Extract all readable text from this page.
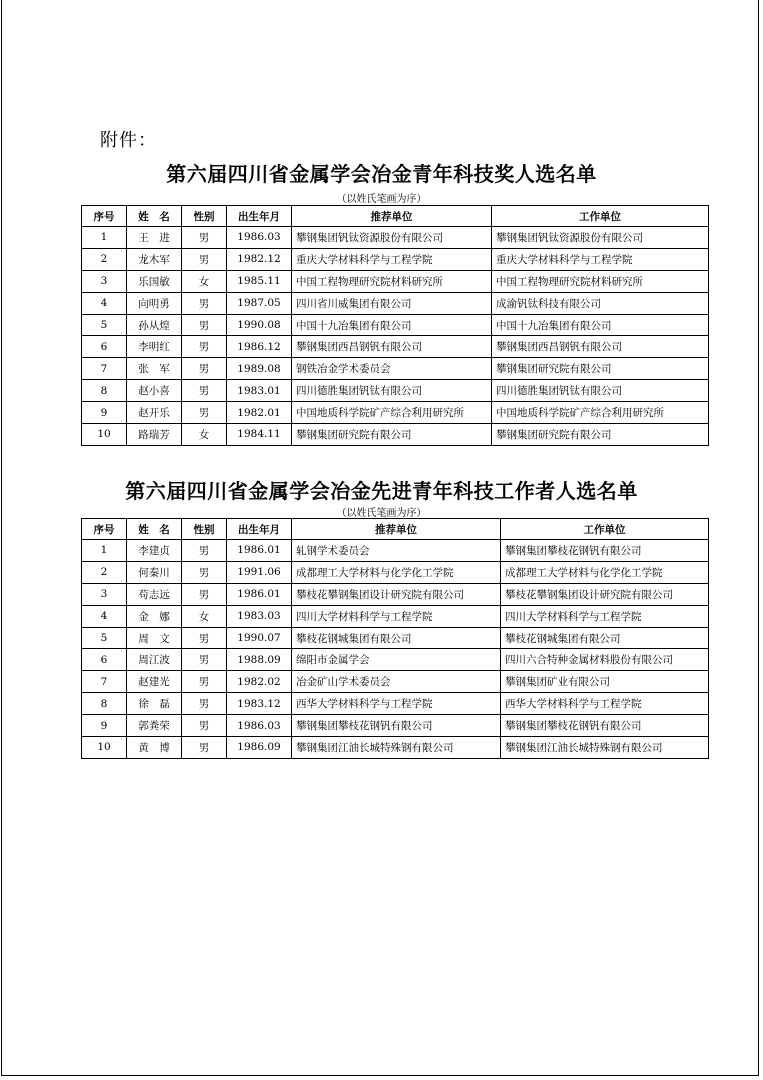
附件：
第六届四川省金属学会冶金青年科技奖人选名单
（以姓氏笔画为序）
序号	姓　名	性别	出生年月	推荐单位	工作单位
1	王　进	男	1986.03	攀钢集团钒钛资源股份有限公司	攀钢集团钒钛资源股份有限公司
2	龙木军	男	1982.12	重庆大学材料科学与工程学院	重庆大学材料科学与工程学院
3	乐国敏	女	1985.11	中国工程物理研究院材料研究所	中国工程物理研究院材料研究所
4	向明勇	男	1987.05	四川省川威集团有限公司	成渝钒钛科技有限公司
5	孙从煌	男	1990.08	中国十九冶集团有限公司	中国十九冶集团有限公司
6	李明红	男	1986.12	攀钢集团西昌钢钒有限公司	攀钢集团西昌钢钒有限公司
7	张　军	男	1989.08	钢铁冶金学术委员会	攀钢集团研究院有限公司
8	赵小喜	男	1983.01	四川德胜集团钒钛有限公司	四川德胜集团钒钛有限公司
9	赵开乐	男	1982.01	中国地质科学院矿产综合利用研究所	中国地质科学院矿产综合利用研究所
10	路瑞芳	女	1984.11	攀钢集团研究院有限公司	攀钢集团研究院有限公司
第六届四川省金属学会冶金先进青年科技工作者人选名单
（以姓氏笔画为序）
序号	姓　名	性别	出生年月	推荐单位	工作单位
1	李建贞	男	1986.01	轧钢学术委员会	攀钢集团攀枝花钢钒有限公司
2	何秦川	男	1991.06	成都理工大学材料与化学化工学院	成都理工大学材料与化学化工学院
3	苟志远	男	1986.01	攀枝花攀钢集团设计研究院有限公司	攀枝花攀钢集团设计研究院有限公司
4	金　娜	女	1983.03	四川大学材料科学与工程学院	四川大学材料科学与工程学院
5	周　文	男	1990.07	攀枝花钢城集团有限公司	攀枝花钢城集团有限公司
6	周江波	男	1988.09	绵阳市金属学会	四川六合特种金属材料股份有限公司
7	赵建光	男	1982.02	冶金矿山学术委员会	攀钢集团矿业有限公司
8	徐　磊	男	1983.12	西华大学材料科学与工程学院	西华大学材料科学与工程学院
9	郭粪荣	男	1986.03	攀钢集团攀枝花钢钒有限公司	攀钢集团攀枝花钢钒有限公司
10	黄　博	男	1986.09	攀钢集团江油长城特殊钢有限公司	攀钢集团江油长城特殊钢有限公司
